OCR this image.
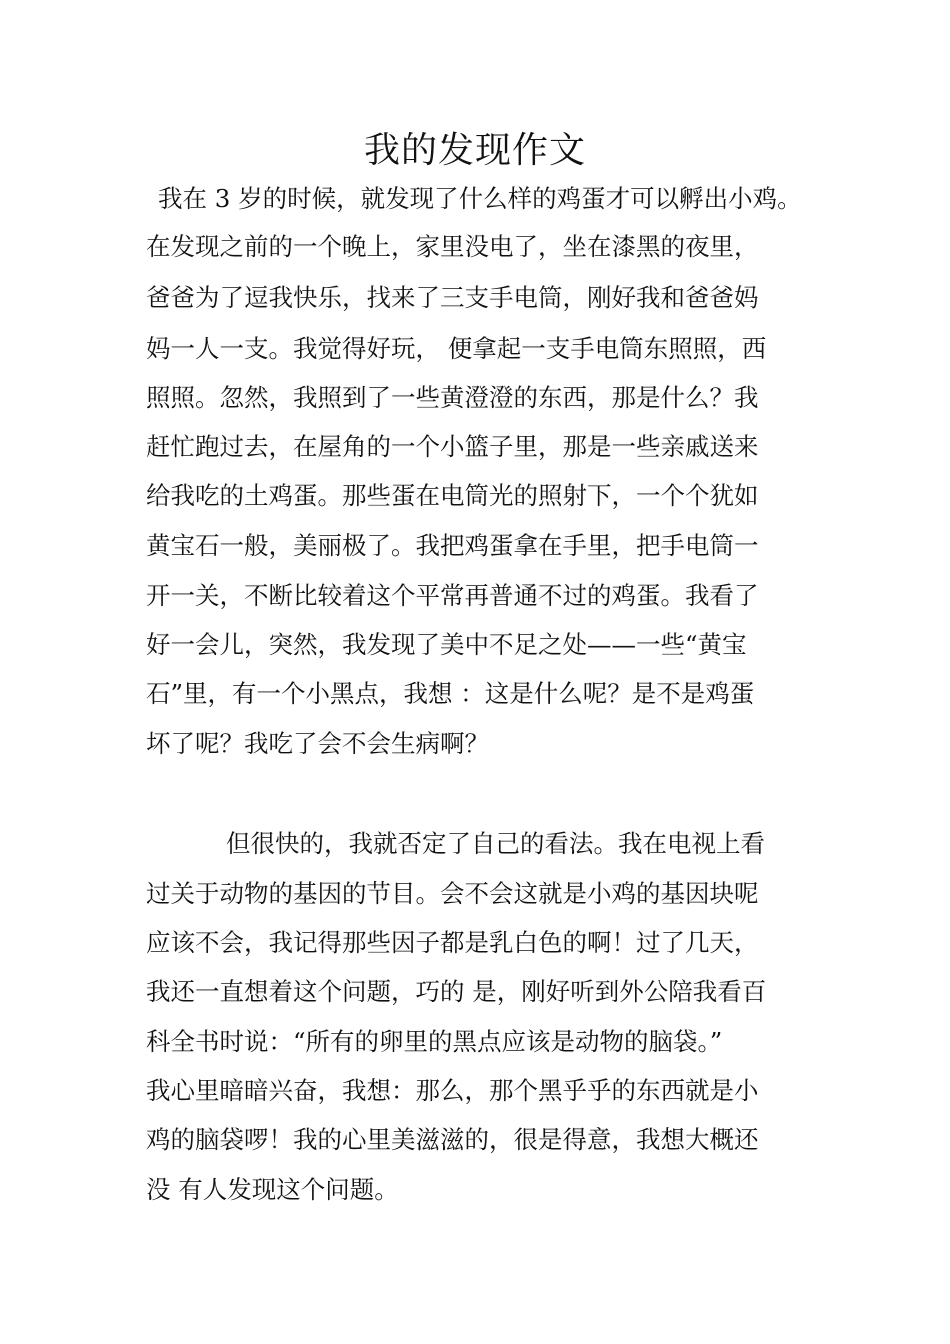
我的发现作文
我在 3 岁的时候，就发现了什么样的鸡蛋才可以孵出小鸡。
在发现之前的一个晚上，家里没电了，坐在漆黑的夜里，
爸爸为了逗我快乐，找来了三支手电筒，刚好我和爸爸妈
妈一人一支。我觉得好玩， 便拿起一支手电筒东照照，西
照照。忽然，我照到了一些黄澄澄的东西，那是什么？我
赶忙跑过去，在屋角的一个小篮子里，那是一些亲戚送来
给我吃的土鸡蛋。那些蛋在电筒光的照射下，一个个犹如
黄宝石一般，美丽极了。我把鸡蛋拿在手里，把手电筒一
开一关，不断比较着这个平常再普通不过的鸡蛋。我看了
好一会儿，突然，我发现了美中不足之处——一些“黄宝
石”里，有一个小黑点，我想 ：这是什么呢？是不是鸡蛋
坏了呢？我吃了会不会生病啊？
但很快的，我就否定了自己的看法。我在电视上看
过关于动物的基因的节目。会不会这就是小鸡的基因块呢
应该不会，我记得那些因子都是乳白色的啊！过了几天，
我还一直想着这个问题，巧的 是，刚好听到外公陪我看百
科全书时说：“所有的卵里的黑点应该是动物的脑袋。”
我心里暗暗兴奋，我想：那么，那个黑乎乎的东西就是小
鸡的脑袋啰！我的心里美滋滋的，很是得意，我想大概还
没 有人发现这个问题。
